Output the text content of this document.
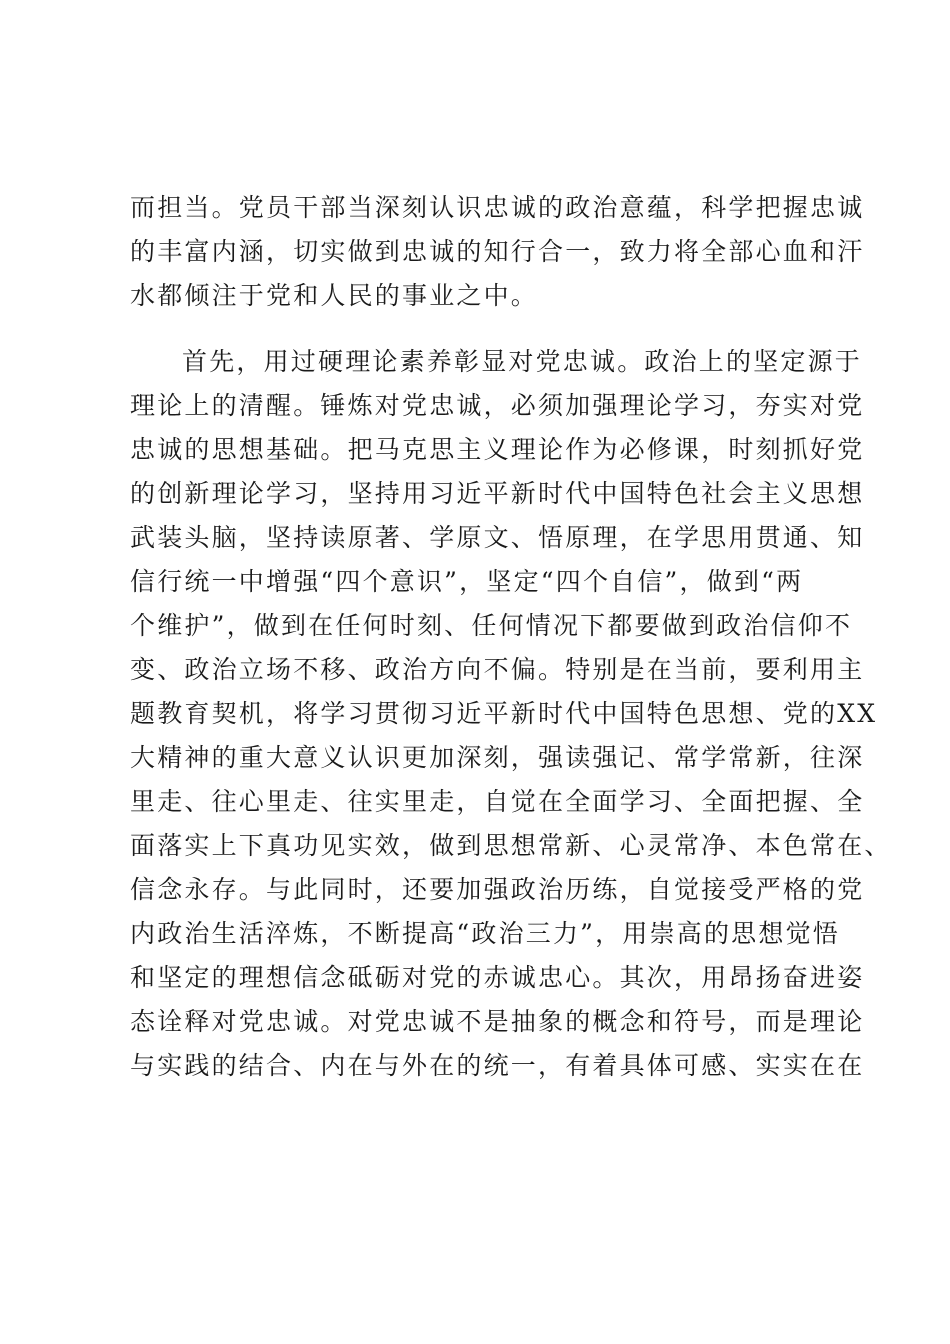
而担当。党员干部当深刻认识忠诚的政治意蕴，科学把握忠诚
的丰富内涵，切实做到忠诚的知行合一，致力将全部心血和汗
水都倾注于党和人民的事业之中。
首先，用过硬理论素养彰显对党忠诚。政治上的坚定源于
理论上的清醒。锤炼对党忠诚，必须加强理论学习，夯实对党
忠诚的思想基础。把马克思主义理论作为必修课，时刻抓好党
的创新理论学习，坚持用习近平新时代中国特色社会主义思想
武装头脑，坚持读原著、学原文、悟原理，在学思用贯通、知
信行统一中增强“四个意识”，坚定“四个自信”，做到“两
个维护”，做到在任何时刻、任何情况下都要做到政治信仰不
变、政治立场不移、政治方向不偏。特别是在当前，要利用主
题教育契机，将学习贯彻习近平新时代中国特色思想、党的XX
大精神的重大意义认识更加深刻，强读强记、常学常新，往深
里走、往心里走、往实里走，自觉在全面学习、全面把握、全
面落实上下真功见实效，做到思想常新、心灵常净、本色常在、
信念永存。与此同时，还要加强政治历练，自觉接受严格的党
内政治生活淬炼，不断提高“政治三力”，用崇高的思想觉悟
和坚定的理想信念砥砺对党的赤诚忠心。其次，用昂扬奋进姿
态诠释对党忠诚。对党忠诚不是抽象的概念和符号，而是理论
与实践的结合、内在与外在的统一，有着具体可感、实实在在
